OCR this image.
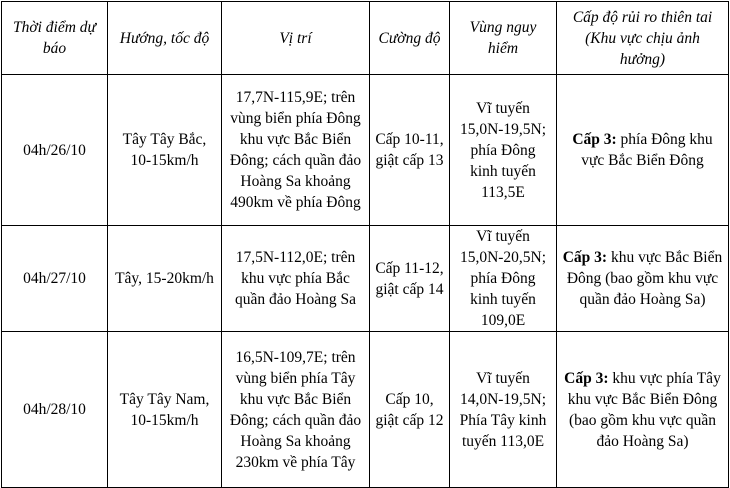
Thời điểm dự báo	Hướng, tốc độ	Vị trí	Cường độ	Vùng nguy hiểm	Cấp độ rủi ro thiên tai (Khu vực chịu ảnh hưởng)
04h/26/10	Tây Tây Bắc, 10-15km/h	17,7N-115,9E; trên vùng biển phía Đông khu vực Bắc Biển Đông; cách quần đảo Hoàng Sa khoảng 490km về phía Đông	Cấp 10-11, giật cấp 13	Vĩ tuyến 15,0N-19,5N; phía Đông kinh tuyến 113,5E	Cấp 3: phía Đông khu vực Bắc Biển Đông
04h/27/10	Tây, 15-20km/h	17,5N-112,0E; trên khu vực phía Bắc quần đảo Hoàng Sa	Cấp 11-12, giật cấp 14	Vĩ tuyến 15,0N-20,5N; phía Đông kinh tuyến 109,0E	Cấp 3: khu vực Bắc Biển Đông (bao gồm khu vực quần đảo Hoàng Sa)
04h/28/10	Tây Tây Nam, 10-15km/h	16,5N-109,7E; trên vùng biển phía Tây khu vực Bắc Biển Đông; cách quần đảo Hoàng Sa khoảng 230km về phía Tây	Cấp 10, giật cấp 12	Vĩ tuyến 14,0N-19,5N; Phía Tây kinh tuyến 113,0E	Cấp 3: khu vực phía Tây khu vực Bắc Biển Đông (bao gồm khu vực quần đảo Hoàng Sa)
